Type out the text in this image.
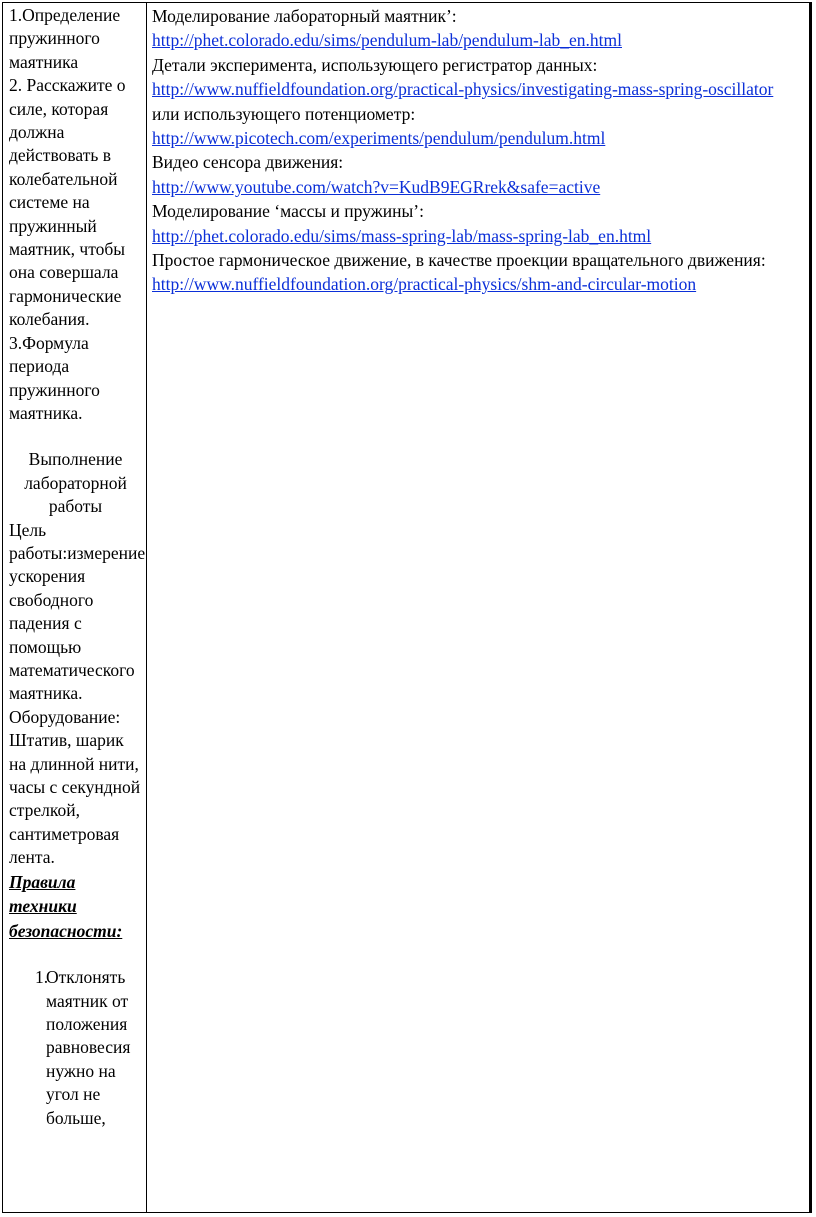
1.Определение пружинного маятника

2. Расскажите о силе, которая должна действовать в колебательной системе на пружинный маятник, чтобы она совершала гармонические колебания.

3.Формула периода пружинного маятника.

Выполнение лабораторной работы

Цель работы:измерение ускорения свободного падения с помощью математического маятника.

Оборудование: Штатив, шарик на длинной нити, часы с секундной стрелкой, сантиметровая лента.

Правила техники безопасности:

1.
Отклонять маятник от положения равновесия нужно на угол не больше,

Моделирование лабораторный маятник’:

http://phet.colorado.edu/sims/pendulum-lab/pendulum-lab_en.html

Детали эксперимента, использующего регистратор данных:

http://www.nuffieldfoundation.org/practical-physics/investigating-mass-spring-oscillator

или использующего потенциометр:

http://www.picotech.com/experiments/pendulum/pendulum.html

Видео сенсора движения:

http://www.youtube.com/watch?v=KudB9EGRrek&safe=active

Моделирование ‘массы и пружины’:

http://phet.colorado.edu/sims/mass-spring-lab/mass-spring-lab_en.html

Простое гармоническое движение, в качестве проекции вращательного движения:

http://www.nuffieldfoundation.org/practical-physics/shm-and-circular-motion
